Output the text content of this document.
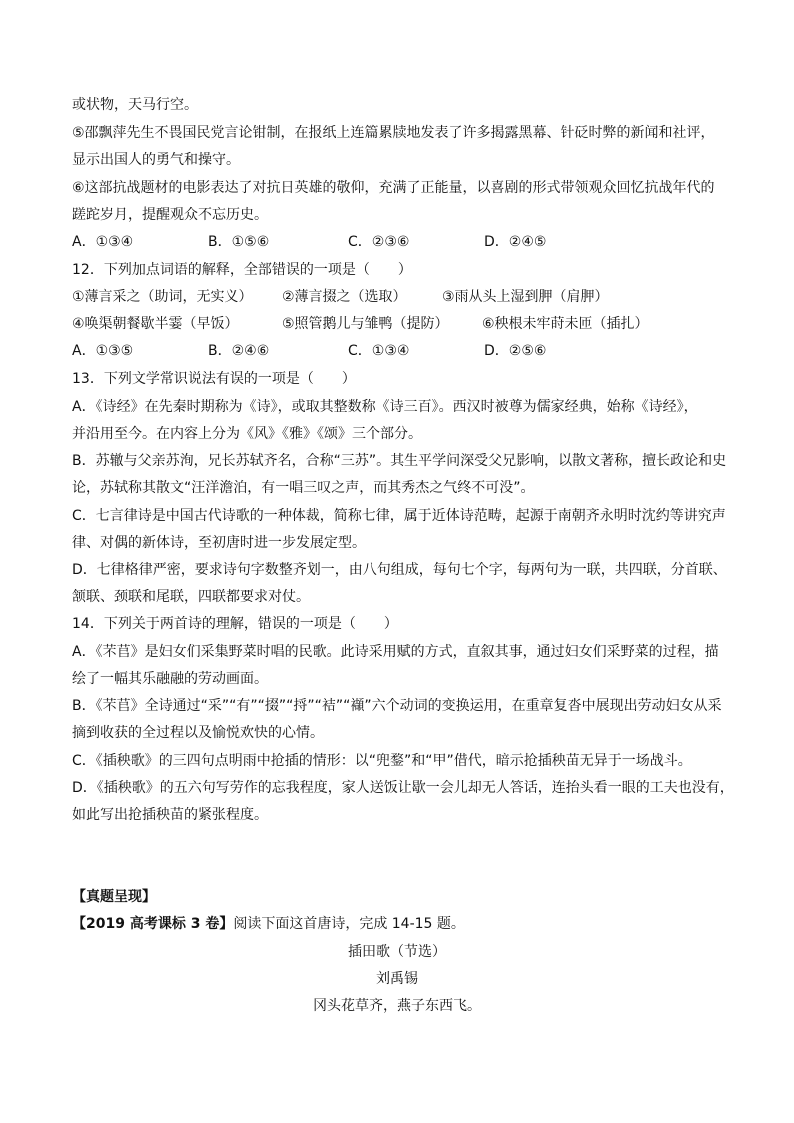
或状物，天马行空。
⑤邵飘萍先生不畏国民党言论钳制，在报纸上连篇累牍地发表了许多揭露黑幕、针砭时弊的新闻和社评，
显示出国人的勇气和操守。
⑥这部抗战题材的电影表达了对抗日英雄的敬仰，充满了正能量，以喜剧的形式带领观众回忆抗战年代的
蹉跎岁月，提醒观众不忘历史。
A．①③④	B．①⑤⑥	C．②③⑥	D．②④⑤
12．下列加点词语的解释，全部错误的一项是（　　）
①薄言采之（助词，无实义） ②薄言掇之（选取）	③雨从头上湿到胛（肩胛）
④唤渠朝餐歇半霎（早饭）	⑤照管鹅儿与雏鸭（提防） ⑥秧根未牢莳未匝（插扎）
A．①③⑤	B．②④⑥	C．①③④	D．②⑤⑥
13．下列文学常识说法有误的一项是（　　）
A．《诗经》在先秦时期称为《诗》，或取其整数称《诗三百》。西汉时被尊为儒家经典，始称《诗经》，
并沿用至今。在内容上分为《风》《雅》《颂》三个部分。
B．苏辙与父亲苏洵，兄长苏轼齐名，合称“三苏”。其生平学问深受父兄影响，以散文著称，擅长政论和史
论，苏轼称其散文“汪洋澹泊，有一唱三叹之声，而其秀杰之气终不可没”。
C．七言律诗是中国古代诗歌的一种体裁，简称七律，属于近体诗范畴，起源于南朝齐永明时沈约等讲究声
律、对偶的新体诗，至初唐时进一步发展定型。
D．七律格律严密，要求诗句字数整齐划一，由八句组成，每句七个字，每两句为一联，共四联，分首联、
颔联、颈联和尾联，四联都要求对仗。
14．下列关于两首诗的理解，错误的一项是（　　）
A．《芣苢》是妇女们采集野菜时唱的民歌。此诗采用赋的方式，直叙其事，通过妇女们采野菜的过程，描
绘了一幅其乐融融的劳动画面。
B．《芣苢》全诗通过“采”“有”“掇”“捋”“袺”“襭”六个动词的变换运用，在重章复沓中展现出劳动妇女从采
摘到收获的全过程以及愉悦欢快的心情。
C．《插秧歌》的三四句点明雨中抢插的情形：以“兜鍪”和“甲”借代，暗示抢插秧苗无异于一场战斗。
D．《插秧歌》的五六句写劳作的忘我程度，家人送饭让歇一会儿却无人答话，连抬头看一眼的工夫也没有，
如此写出抢插秧苗的紧张程度。
【真题呈现】
【2019 高考课标 3 卷】阅读下面这首唐诗，完成 14-15 题。
插田歌（节选）
刘禹锡
冈头花草齐，燕子东西飞。
